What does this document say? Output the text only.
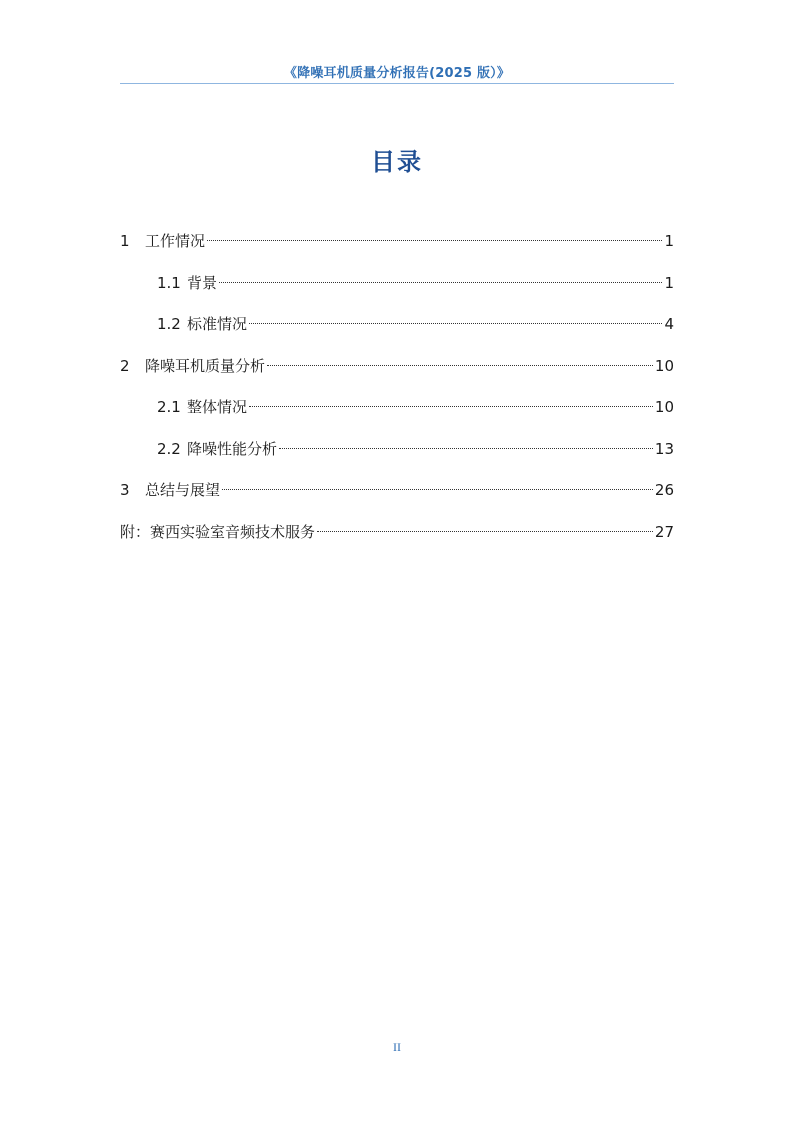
《降噪耳机质量分析报告(2025 版）》
目录
1	工作情况	1
1.1 背景	1
1.2 标准情况	4
2	降噪耳机质量分析	10
2.1 整体情况	10
2.2 降噪性能分析	13
3	总结与展望	26
附：赛西实验室音频技术服务	27
II
